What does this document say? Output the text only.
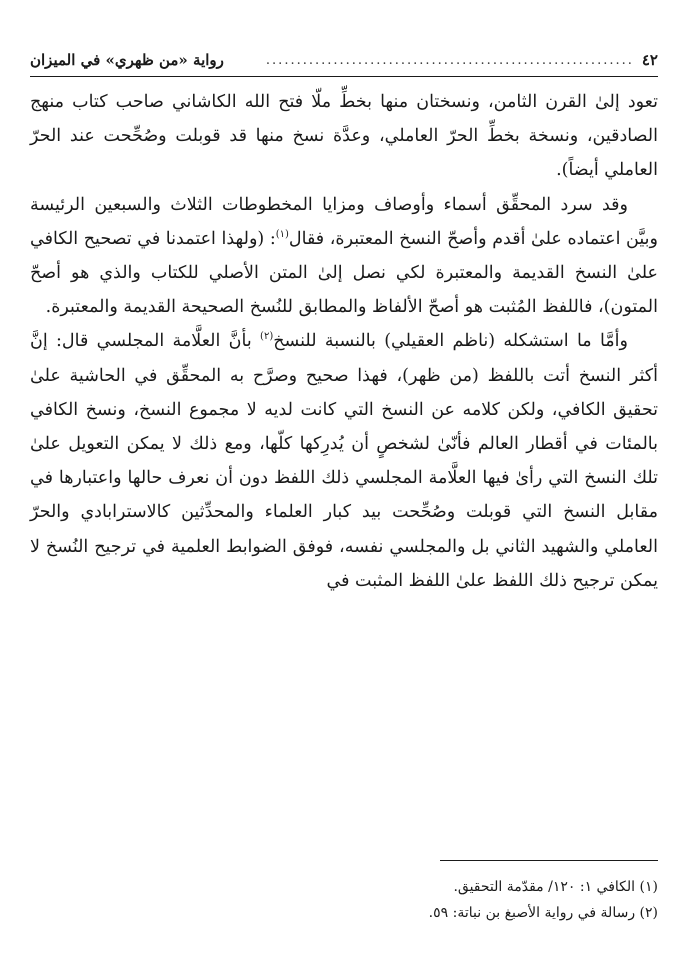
٤٢
............................................................
رواية «من ظهري» في الميزان

تعود إلىٰ القرن الثامن، ونسختان منها بخطِّ ملّا فتح الله الكاشاني صاحب كتاب منهج الصادقين، ونسخة بخطِّ الحرّ العاملي، وعدَّة نسخ منها قد قوبلت وصُحِّحت عند الحرّ العاملي أيضاً).

وقد سرد المحقِّق أسماء وأوصاف ومزايا المخطوطات الثلاث والسبعين الرئيسة وبيَّن اعتماده علىٰ أقدم وأصحّ النسخ المعتبرة، فقال$^{(١)}$: (ولهذا اعتمدنا في تصحيح الكافي علىٰ النسخ القديمة والمعتبرة لكي نصل إلىٰ المتن الأصلي للكتاب والذي هو أصحّ المتون)، فاللفظ المُثبت هو أصحّ الألفاظ والمطابق للنُسخ الصحيحة القديمة والمعتبرة.

وأمَّا ما استشكله (ناظم العقيلي) بالنسبة للنسخ$^{(٢)}$ بأنَّ العلَّامة المجلسي قال: إنَّ أكثر النسخ أتت باللفظ (من ظهر)، فهذا صحيح وصرَّح به المحقِّق في الحاشية علىٰ تحقيق الكافي، ولكن كلامه عن النسخ التي كانت لديه لا مجموع النسخ، ونسخ الكافي بالمئات في أقطار العالم فأنّىٰ لشخصٍ أن يُدرِكها كلّها، ومع ذلك لا يمكن التعويل علىٰ تلك النسخ التي رأىٰ فيها العلَّامة المجلسي ذلك اللفظ دون أن نعرف حالها واعتبارها في مقابل النسخ التي قوبلت وصُحِّحت بيد كبار العلماء والمحدِّثين كالاسترابادي والحرّ العاملي والشهيد الثاني بل والمجلسي نفسه، فوفق الضوابط العلمية في ترجيح النُسخ لا يمكن ترجيح ذلك اللفظ علىٰ اللفظ المثبت في

(١) الكافي ١: ١٢٠/ مقدّمة التحقيق.

(٢) رسالة في رواية الأصبغ بن نباتة: ٥٩.
